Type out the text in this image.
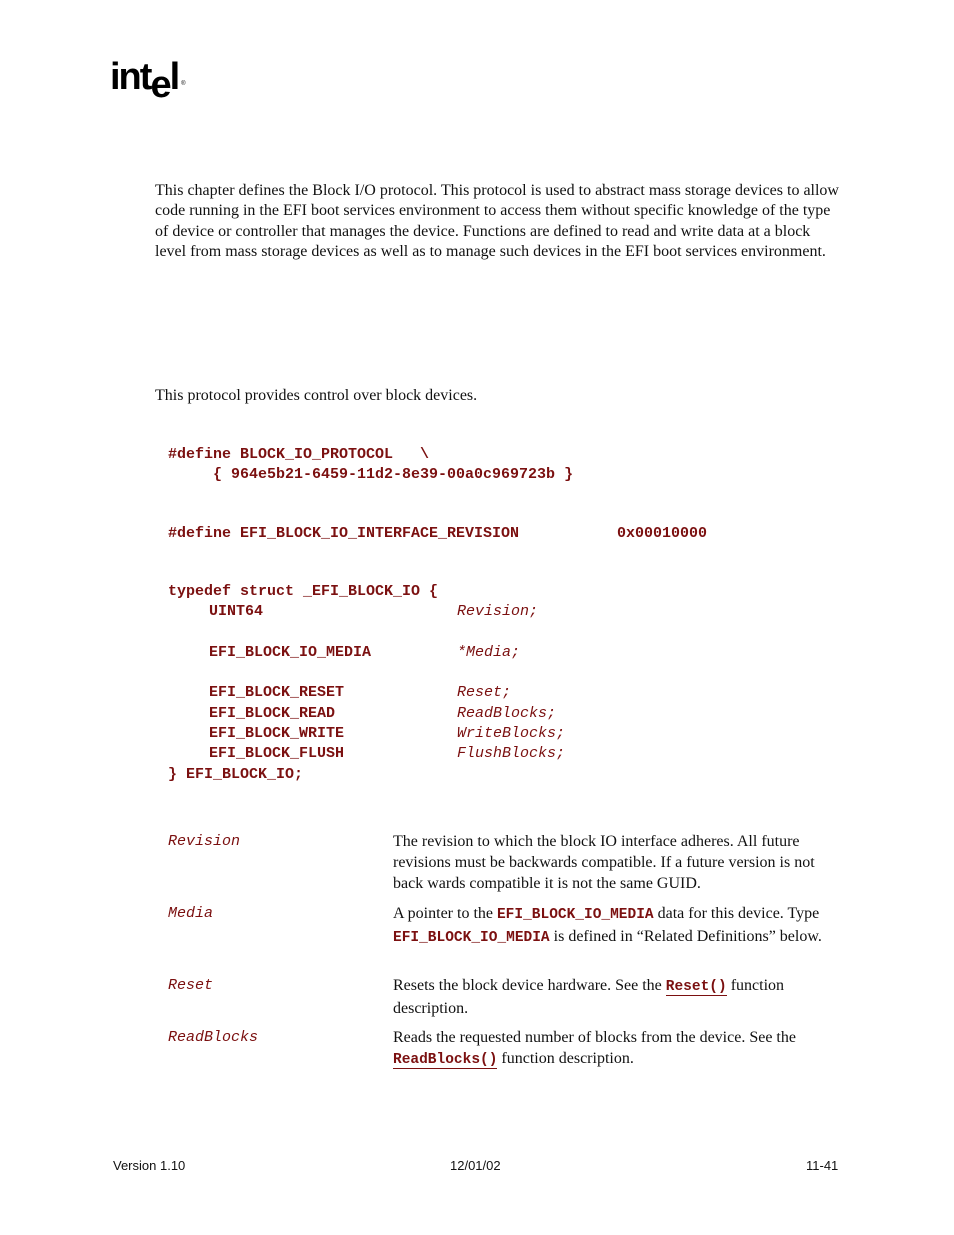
intel ®
This chapter defines the Block I/O protocol. This protocol is used to abstract mass storage devices to allow code running in the EFI boot services environment to access them without specific knowledge of the type of device or controller that manages the device. Functions are defined to read and write data at a block level from mass storage devices as well as to manage such devices in the EFI boot services environment.
This protocol provides control over block devices.
#define BLOCK_IO_PROTOCOL   \
{ 964e5b21-6459-11d2-8e39-00a0c969723b }
#define EFI_BLOCK_IO_INTERFACE_REVISION	0x00010000
typedef struct _EFI_BLOCK_IO {
UINT64	Revision;
EFI_BLOCK_IO_MEDIA	*Media;
EFI_BLOCK_RESET	Reset;
EFI_BLOCK_READ	ReadBlocks;
EFI_BLOCK_WRITE	WriteBlocks;
EFI_BLOCK_FLUSH	FlushBlocks;
} EFI_BLOCK_IO;
Revision	The revision to which the block IO interface adheres. All future revisions must be backwards compatible. If a future version is not back wards compatible it is not the same GUID.
Media	A pointer to the EFI_BLOCK_IO_MEDIA data for this device. Type EFI_BLOCK_IO_MEDIA is defined in “Related Definitions” below.
Reset	Resets the block device hardware. See the Reset() function description.
ReadBlocks	Reads the requested number of blocks from the device. See the ReadBlocks() function description.
Version 1.10	12/01/02	11-41
